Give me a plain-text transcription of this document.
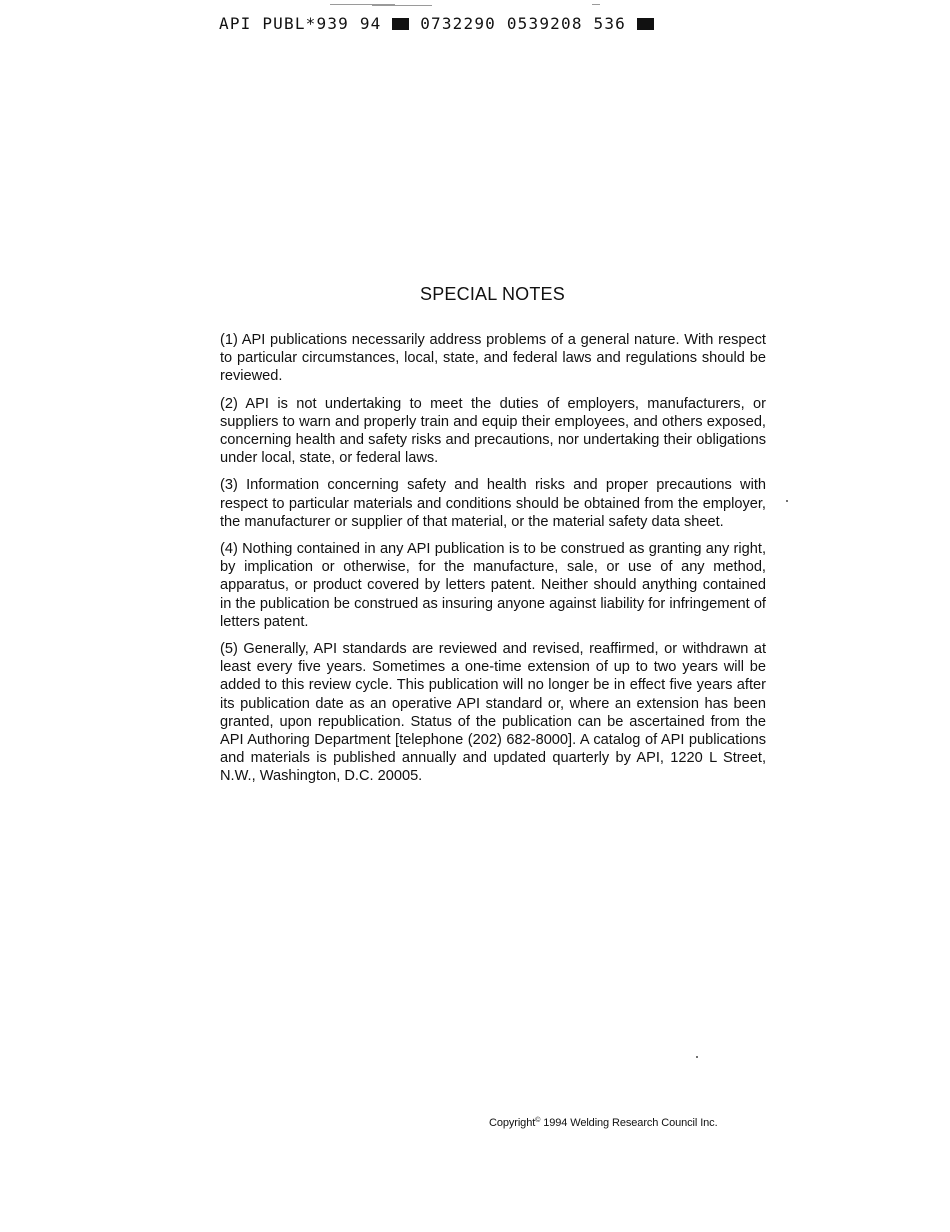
API PUBL*939 94 0732290 0539208 536
SPECIAL NOTES

(1) API publications necessarily address problems of a general nature. With respect to particular circumstances, local, state, and federal laws and regulations should be reviewed.

(2) API is not undertaking to meet the duties of employers, manufacturers, or suppliers to warn and properly train and equip their employees, and others exposed, concerning health and safety risks and precautions, nor undertaking their obligations under local, state, or federal laws.

(3) Information concerning safety and health risks and proper precautions with respect to particular materials and conditions should be obtained from the employer, the manufacturer or supplier of that material, or the material safety data sheet.

(4) Nothing contained in any API publication is to be construed as granting any right, by implication or otherwise, for the manufacture, sale, or use of any method, apparatus, or product covered by letters patent. Neither should anything contained in the publication be construed as insuring anyone against liability for infringement of letters patent.

(5) Generally, API standards are reviewed and revised, reaffirmed, or withdrawn at least every five years. Sometimes a one-time extension of up to two years will be added to this review cycle. This publication will no longer be in effect five years after its publication date as an operative API standard or, where an extension has been granted, upon republication. Status of the publication can be ascertained from the API Authoring Department [telephone (202) 682-8000]. A catalog of API publications and materials is published annually and updated quarterly by API, 1220 L Street, N.W., Washington, D.C. 20005.

Copyright© 1994 Welding Research Council Inc.
